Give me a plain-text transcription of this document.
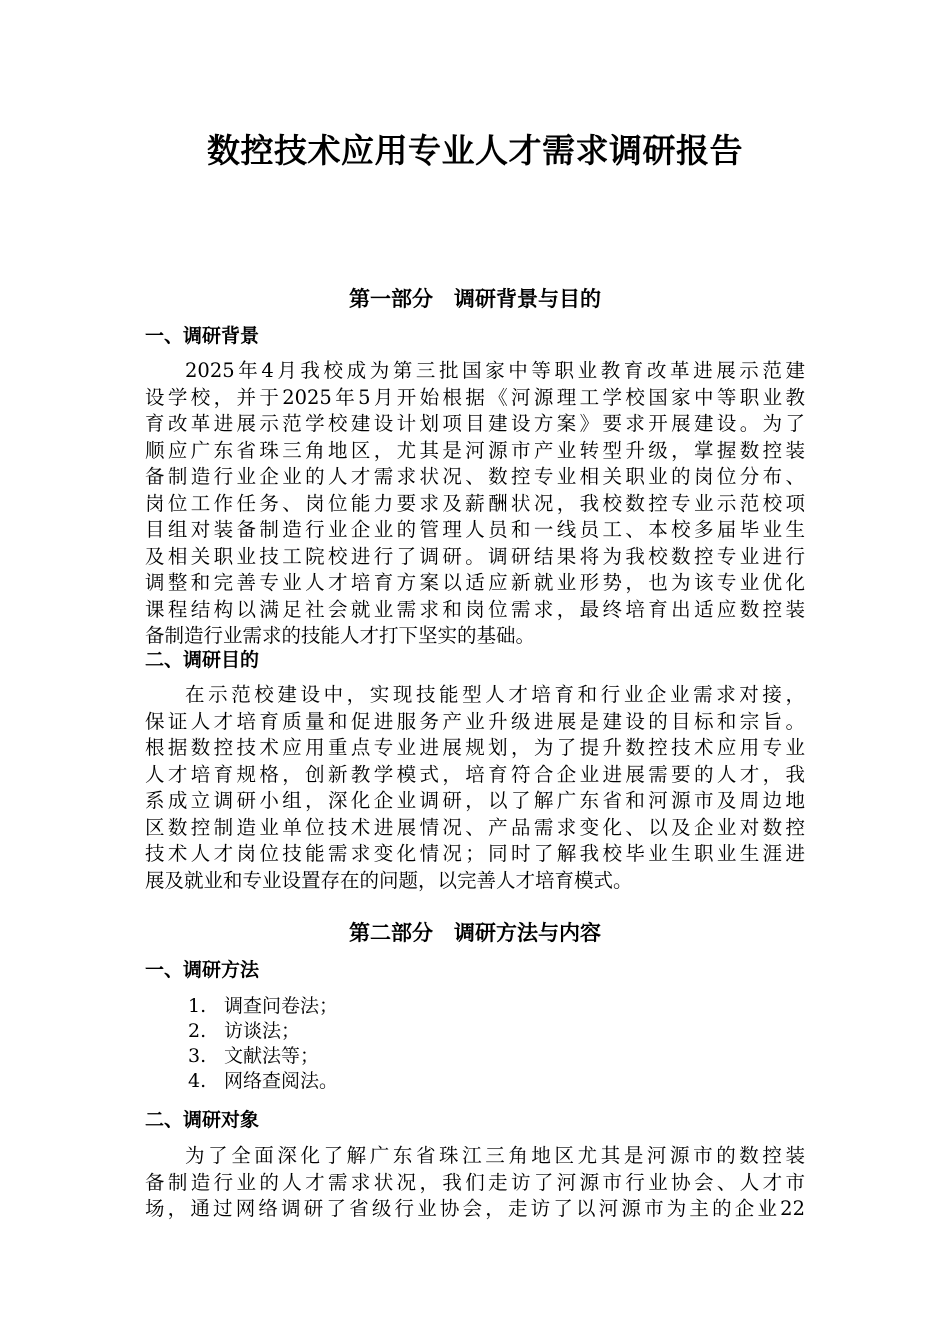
数控技术应用专业人才需求调研报告
第一部分　调研背景与目的
一、调研背景
2025年4月我校成为第三批国家中等职业教育改革进展示范建
设学校，并于2025年5月开始根据《河源理工学校国家中等职业教
育改革进展示范学校建设计划项目建设方案》要求开展建设。为了
顺应广东省珠三角地区，尤其是河源市产业转型升级，掌握数控装
备制造行业企业的人才需求状况、数控专业相关职业的岗位分布、
岗位工作任务、岗位能力要求及薪酬状况，我校数控专业示范校项
目组对装备制造行业企业的管理人员和一线员工、本校多届毕业生
及相关职业技工院校进行了调研。调研结果将为我校数控专业进行
调整和完善专业人才培育方案以适应新就业形势，也为该专业优化
课程结构以满足社会就业需求和岗位需求，最终培育出适应数控装
备制造行业需求的技能人才打下坚实的基础。
二、调研目的
在示范校建设中，实现技能型人才培育和行业企业需求对接，
保证人才培育质量和促进服务产业升级进展是建设的目标和宗旨。
根据数控技术应用重点专业进展规划，为了提升数控技术应用专业
人才培育规格，创新教学模式，培育符合企业进展需要的人才，我
系成立调研小组，深化企业调研，以了解广东省和河源市及周边地
区数控制造业单位技术进展情况、产品需求变化、以及企业对数控
技术人才岗位技能需求变化情况；同时了解我校毕业生职业生涯进
展及就业和专业设置存在的问题，以完善人才培育模式。
第二部分　调研方法与内容
一、调研方法
1. 调查问卷法；
2. 访谈法；
3. 文献法等；
4. 网络查阅法。
二、调研对象
为了全面深化了解广东省珠江三角地区尤其是河源市的数控装
备制造行业的人才需求状况，我们走访了河源市行业协会、人才市
场，通过网络调研了省级行业协会，走访了以河源市为主的企业22
